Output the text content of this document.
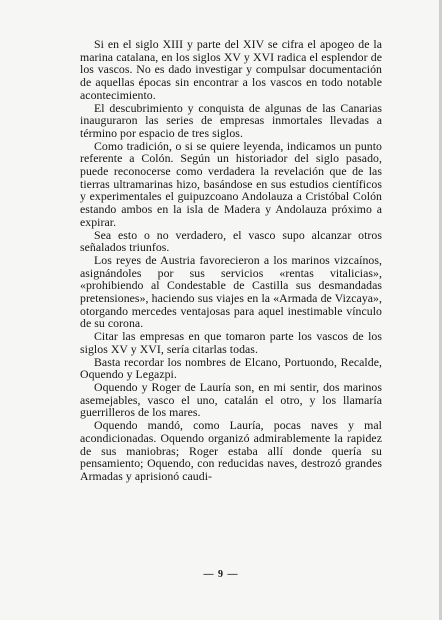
Si en el siglo XIII y parte del XIV se cifra el apogeo de la marina catalana, en los siglos XV y XVI radica el esplendor de los vascos. No es dado investigar y compulsar documentación de aquellas épocas sin encontrar a los vascos en todo notable acontecimiento.

El descubrimiento y conquista de algunas de las Canarias inauguraron las series de empresas inmortales llevadas a término por espacio de tres siglos.

Como tradición, o si se quiere leyenda, indicamos un punto referente a Colón. Según un historiador del siglo pasado, puede reconocerse como verdadera la revelación que de las tierras ultramarinas hizo, basándose en sus estudios científicos y experimentales el guipuzcoano Andolauza a Cristóbal Colón estando ambos en la isla de Madera y Andolauza próximo a expirar.

Sea esto o no verdadero, el vasco supo alcanzar otros señalados triunfos.

Los reyes de Austria favorecieron a los marinos vizcaínos, asignándoles por sus servicios «rentas vitalicias», «prohibiendo al Condestable de Castilla sus desmandadas pretensiones», haciendo sus viajes en la «Armada de Vizcaya», otorgando mercedes ventajosas para aquel inestimable vínculo de su corona.

Citar las empresas en que tomaron parte los vascos de los siglos XV y XVI, sería citarlas todas.

Basta recordar los nombres de Elcano, Portuondo, Recalde, Oquendo y Legazpi.

Oquendo y Roger de Lauría son, en mi sentir, dos marinos asemejables, vasco el uno, catalán el otro, y los llamaría guerrilleros de los mares.

Oquendo mandó, como Lauría, pocas naves y mal acondicionadas. Oquendo organizó admirablemente la rapidez de sus maniobras; Roger estaba allí donde quería su pensamiento; Oquendo, con reducidas naves, destrozó grandes Armadas y aprisionó caudi-

— 9 —
